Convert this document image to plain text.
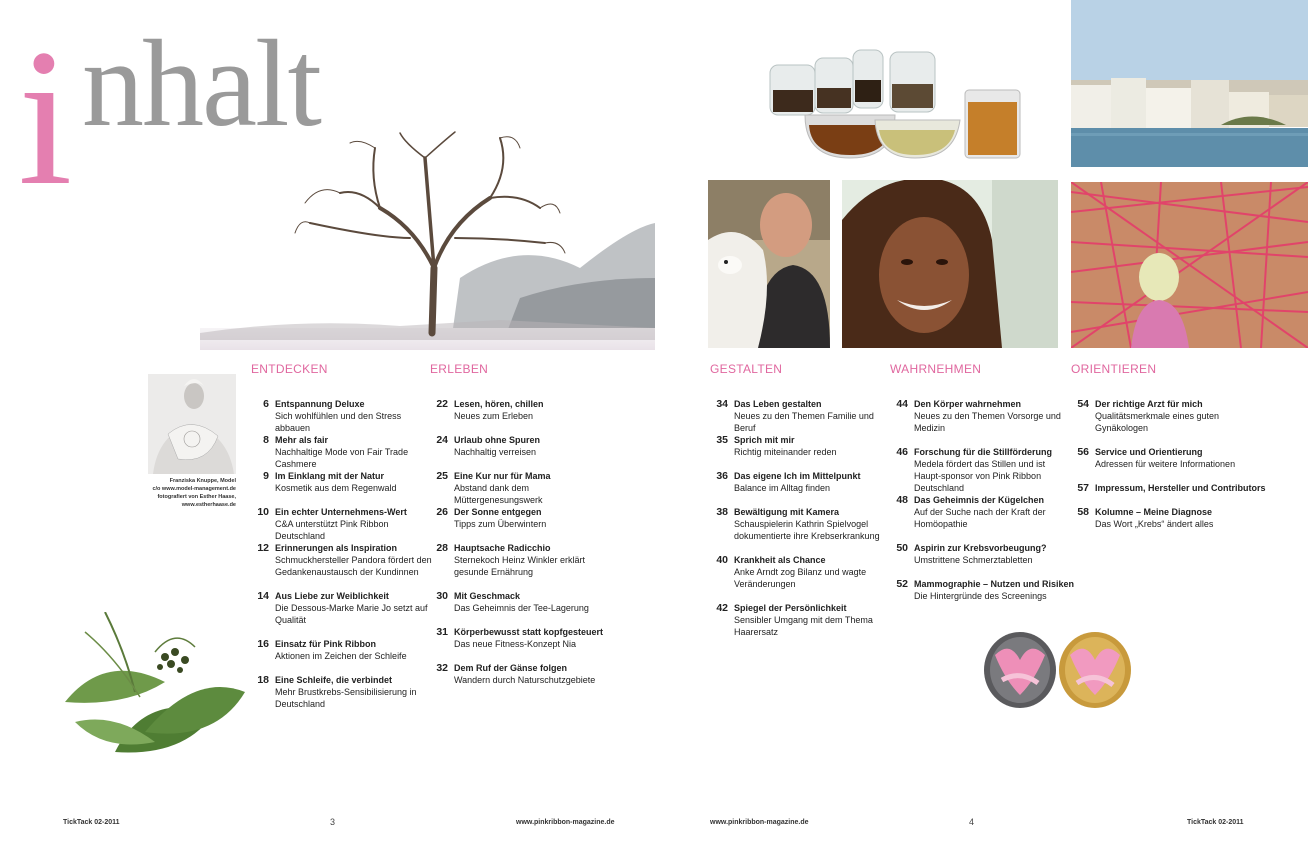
i nhalt
Franziska Knuppe, Model
c/o www.model-management.de
fotografiert von Esther Haase,
www.estherhaase.de
ENTDECKEN	ERLEBEN	GESTALTEN	WAHRNEHMEN	ORIENTIEREN
6 Entspannung Deluxe
Sich wohlfühlen und den Stress abbauen
8 Mehr als fair
Nachhaltige Mode von Fair Trade Cashmere
9 Im Einklang mit der Natur
Kosmetik aus dem Regenwald
10 Ein echter Unternehmens-Wert
C&A unterstützt Pink Ribbon Deutschland
12 Erinnerungen als Inspiration
Schmuckhersteller Pandora fördert den Gedankenaustausch der Kundinnen
14 Aus Liebe zur Weiblichkeit
Die Dessous-Marke Marie Jo setzt auf Qualität
16 Einsatz für Pink Ribbon
Aktionen im Zeichen der Schleife
18 Eine Schleife, die verbindet
Mehr Brustkrebs-Sensibilisierung in Deutschland
22 Lesen, hören, chillen
Neues zum Erleben
24 Urlaub ohne Spuren
Nachhaltig verreisen
25 Eine Kur nur für Mama
Abstand dank dem Müttergenesungswerk
26 Der Sonne entgegen
Tipps zum Überwintern
28 Hauptsache Radicchio
Sternekoch Heinz Winkler erklärt gesunde Ernährung
30 Mit Geschmack
Das Geheimnis der Tee-Lagerung
31 Körperbewusst statt kopfgesteuert
Das neue Fitness-Konzept Nia
32 Dem Ruf der Gänse folgen
Wandern durch Naturschutzgebiete
34 Das Leben gestalten
Neues zu den Themen Familie und Beruf
35 Sprich mit mir
Richtig miteinander reden
36 Das eigene Ich im Mittelpunkt
Balance im Alltag finden
38 Bewältigung mit Kamera
Schauspielerin Kathrin Spielvogel dokumentierte ihre Krebserkrankung
40 Krankheit als Chance
Anke Arndt zog Bilanz und wagte Veränderungen
42 Spiegel der Persönlichkeit
Sensibler Umgang mit dem Thema Haarersatz
44 Den Körper wahrnehmen
Neues zu den Themen Vorsorge und Medizin
46 Forschung für die Stillförderung
Medela fördert das Stillen und ist Haupt-sponsor von Pink Ribbon Deutschland
48 Das Geheimnis der Kügelchen
Auf der Suche nach der Kraft der Homöopathie
50 Aspirin zur Krebsvorbeugung?
Umstrittene Schmerztabletten
52 Mammographie – Nutzen und Risiken
Die Hintergründe des Screenings
54 Der richtige Arzt für mich
Qualitätsmerkmale eines guten Gynäkologen
56 Service und Orientierung
Adressen für weitere Informationen
57 Impressum, Hersteller und Contributors
58 Kolumne – Meine Diagnose
Das Wort „Krebs“ ändert alles
TickTack 02-2011	3	www.pinkribbon-magazine.de	www.pinkribbon-magazine.de	4	TickTack 02-2011
